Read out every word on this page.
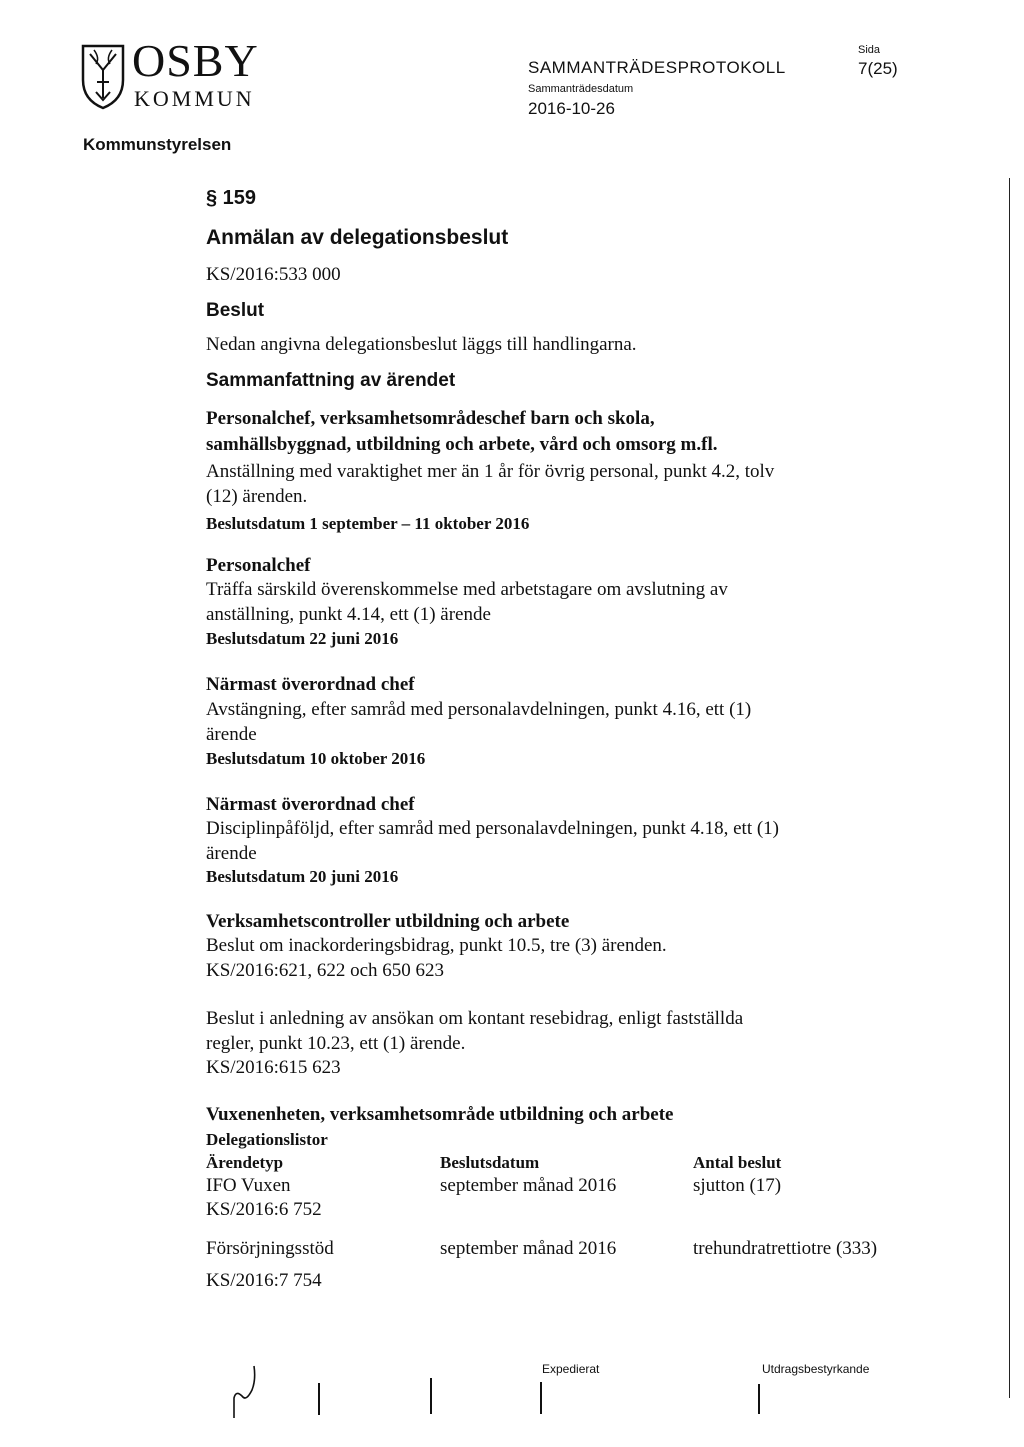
OSBY
KOMMUN
Kommunstyrelsen
SAMMANTRÄDESPROTOKOLL
Sammanträdesdatum
2016-10-26
Sida
7(25)
§ 159
Anmälan av delegationsbeslut
KS/2016:533 000
Beslut
Nedan angivna delegationsbeslut läggs till handlingarna.
Sammanfattning av ärendet
Personalchef, verksamhetsområdeschef barn och skola,
samhällsbyggnad, utbildning och arbete, vård och omsorg m.fl.
Anställning med varaktighet mer än 1 år för övrig personal, punkt 4.2, tolv
(12) ärenden.
Beslutsdatum 1 september – 11 oktober 2016
Personalchef
Träffa särskild överenskommelse med arbetstagare om avslutning av
anställning, punkt 4.14, ett (1) ärende
Beslutsdatum 22 juni 2016
Närmast överordnad chef
Avstängning, efter samråd med personalavdelningen, punkt 4.16, ett (1)
ärende
Beslutsdatum 10 oktober 2016
Närmast överordnad chef
Disciplinpåföljd, efter samråd med personalavdelningen, punkt 4.18, ett (1)
ärende
Beslutsdatum 20 juni 2016
Verksamhetscontroller utbildning och arbete
Beslut om inackorderingsbidrag, punkt 10.5, tre (3) ärenden.
KS/2016:621, 622 och 650 623
Beslut i anledning av ansökan om kontant resebidrag, enligt fastställda
regler, punkt 10.23, ett (1) ärende.
KS/2016:615 623
Vuxenenheten, verksamhetsområde utbildning och arbete
Delegationslistor
Ärendetyp	Beslutsdatum	Antal beslut
IFO Vuxen	september månad 2016	sjutton (17)
KS/2016:6 752
Försörjningsstöd	september månad 2016	trehundratrettiotre (333)
KS/2016:7 754
Expedierat	Utdragsbestyrkande
